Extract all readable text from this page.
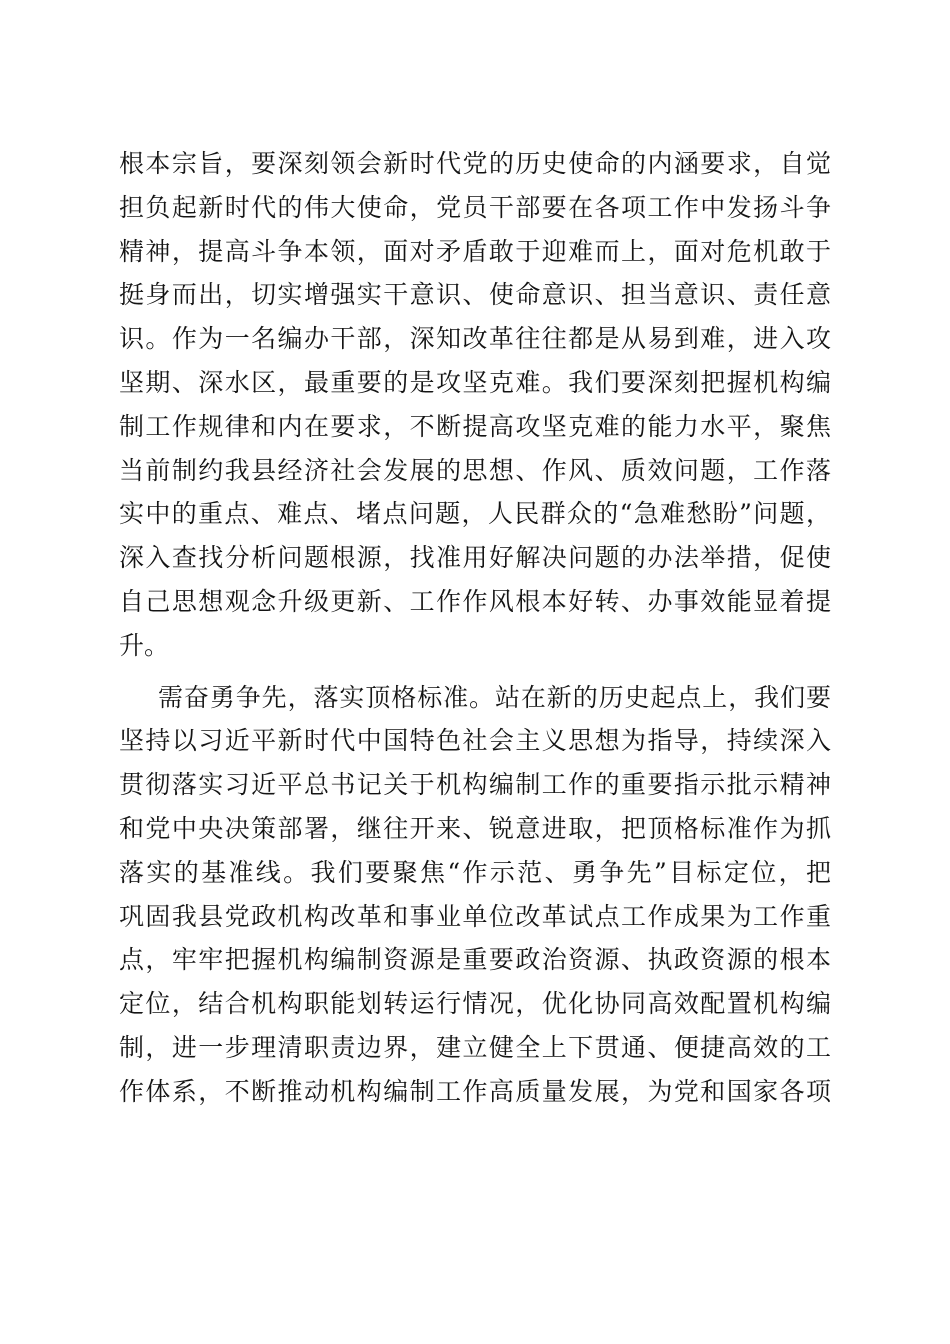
根本宗旨，要深刻领会新时代党的历史使命的内涵要求，自觉
担负起新时代的伟大使命，党员干部要在各项工作中发扬斗争
精神，提高斗争本领，面对矛盾敢于迎难而上，面对危机敢于
挺身而出，切实增强实干意识、使命意识、担当意识、责任意
识。作为一名编办干部，深知改革往往都是从易到难，进入攻
坚期、深水区，最重要的是攻坚克难。我们要深刻把握机构编
制工作规律和内在要求，不断提高攻坚克难的能力水平，聚焦
当前制约我县经济社会发展的思想、作风、质效问题，工作落
实中的重点、难点、堵点问题，人民群众的“急难愁盼”问题，
深入查找分析问题根源，找准用好解决问题的办法举措，促使
自己思想观念升级更新、工作作风根本好转、办事效能显着提
升。
需奋勇争先，落实顶格标准。站在新的历史起点上，我们要
坚持以习近平新时代中国特色社会主义思想为指导，持续深入
贯彻落实习近平总书记关于机构编制工作的重要指示批示精神
和党中央决策部署，继往开来、锐意进取，把顶格标准作为抓
落实的基准线。我们要聚焦“作示范、勇争先”目标定位，把
巩固我县党政机构改革和事业单位改革试点工作成果为工作重
点，牢牢把握机构编制资源是重要政治资源、执政资源的根本
定位，结合机构职能划转运行情况，优化协同高效配置机构编
制，进一步理清职责边界，建立健全上下贯通、便捷高效的工
作体系，不断推动机构编制工作高质量发展，为党和国家各项
